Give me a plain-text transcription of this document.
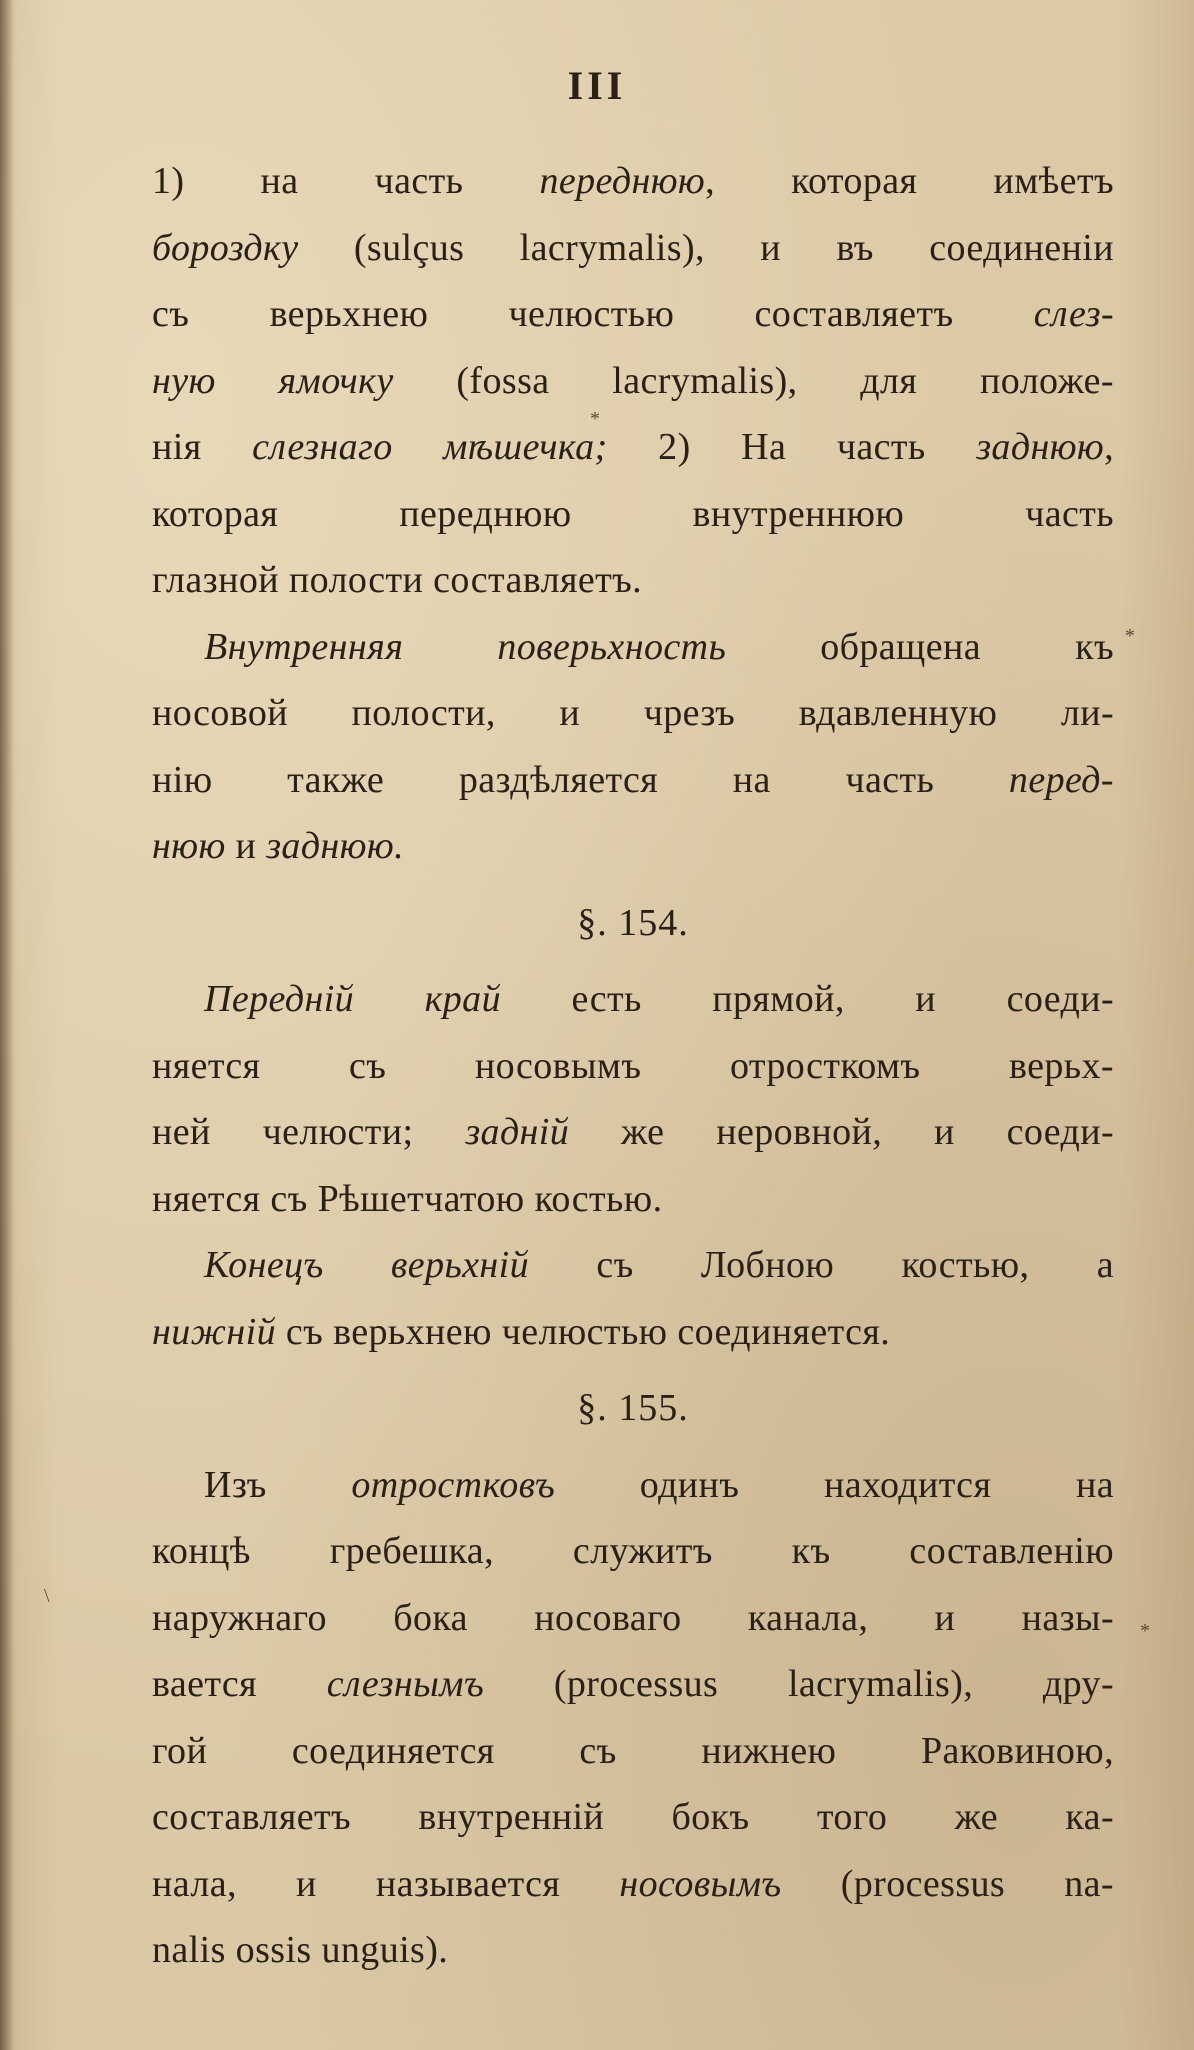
III
1) на часть переднюю, которая имѣетъ
бороздку (sulçus lacrymalis), и въ соединеніи
съ верьхнею челюстью составляетъ слез-
ную ямочку (fossa lacrymalis), для положе-
нія слезнаго мѣшечка; 2) На часть заднюю,
которая переднюю внутреннюю часть
глазной полости составляетъ.
Внутренняя поверьхность обращена къ
носовой полости, и чрезъ вдавленную ли-
нію также раздѣляется на часть перед-
нюю и заднюю.
§. 154.
Передній край есть прямой, и соеди-
няется съ носовымъ отросткомъ верьх-
ней челюсти; задній же неровной, и соеди-
няется съ Рѣшетчатою костью.
Конецъ верьхній съ Лобною костью, а
нижній съ верьхнею челюстью соединяется.
§. 155.
Изъ отростковъ одинъ находится на
концѣ гребешка, служитъ къ составленію
наружнаго бока носоваго канала, и назы-
вается слезнымъ (processus lacrymalis), дру-
гой соединяется съ нижнею Раковиною,
составляетъ внутренній бокъ того же ка-
нала, и называется носовымъ (processus na-
nalis ossis unguis).
*
*
*
\
